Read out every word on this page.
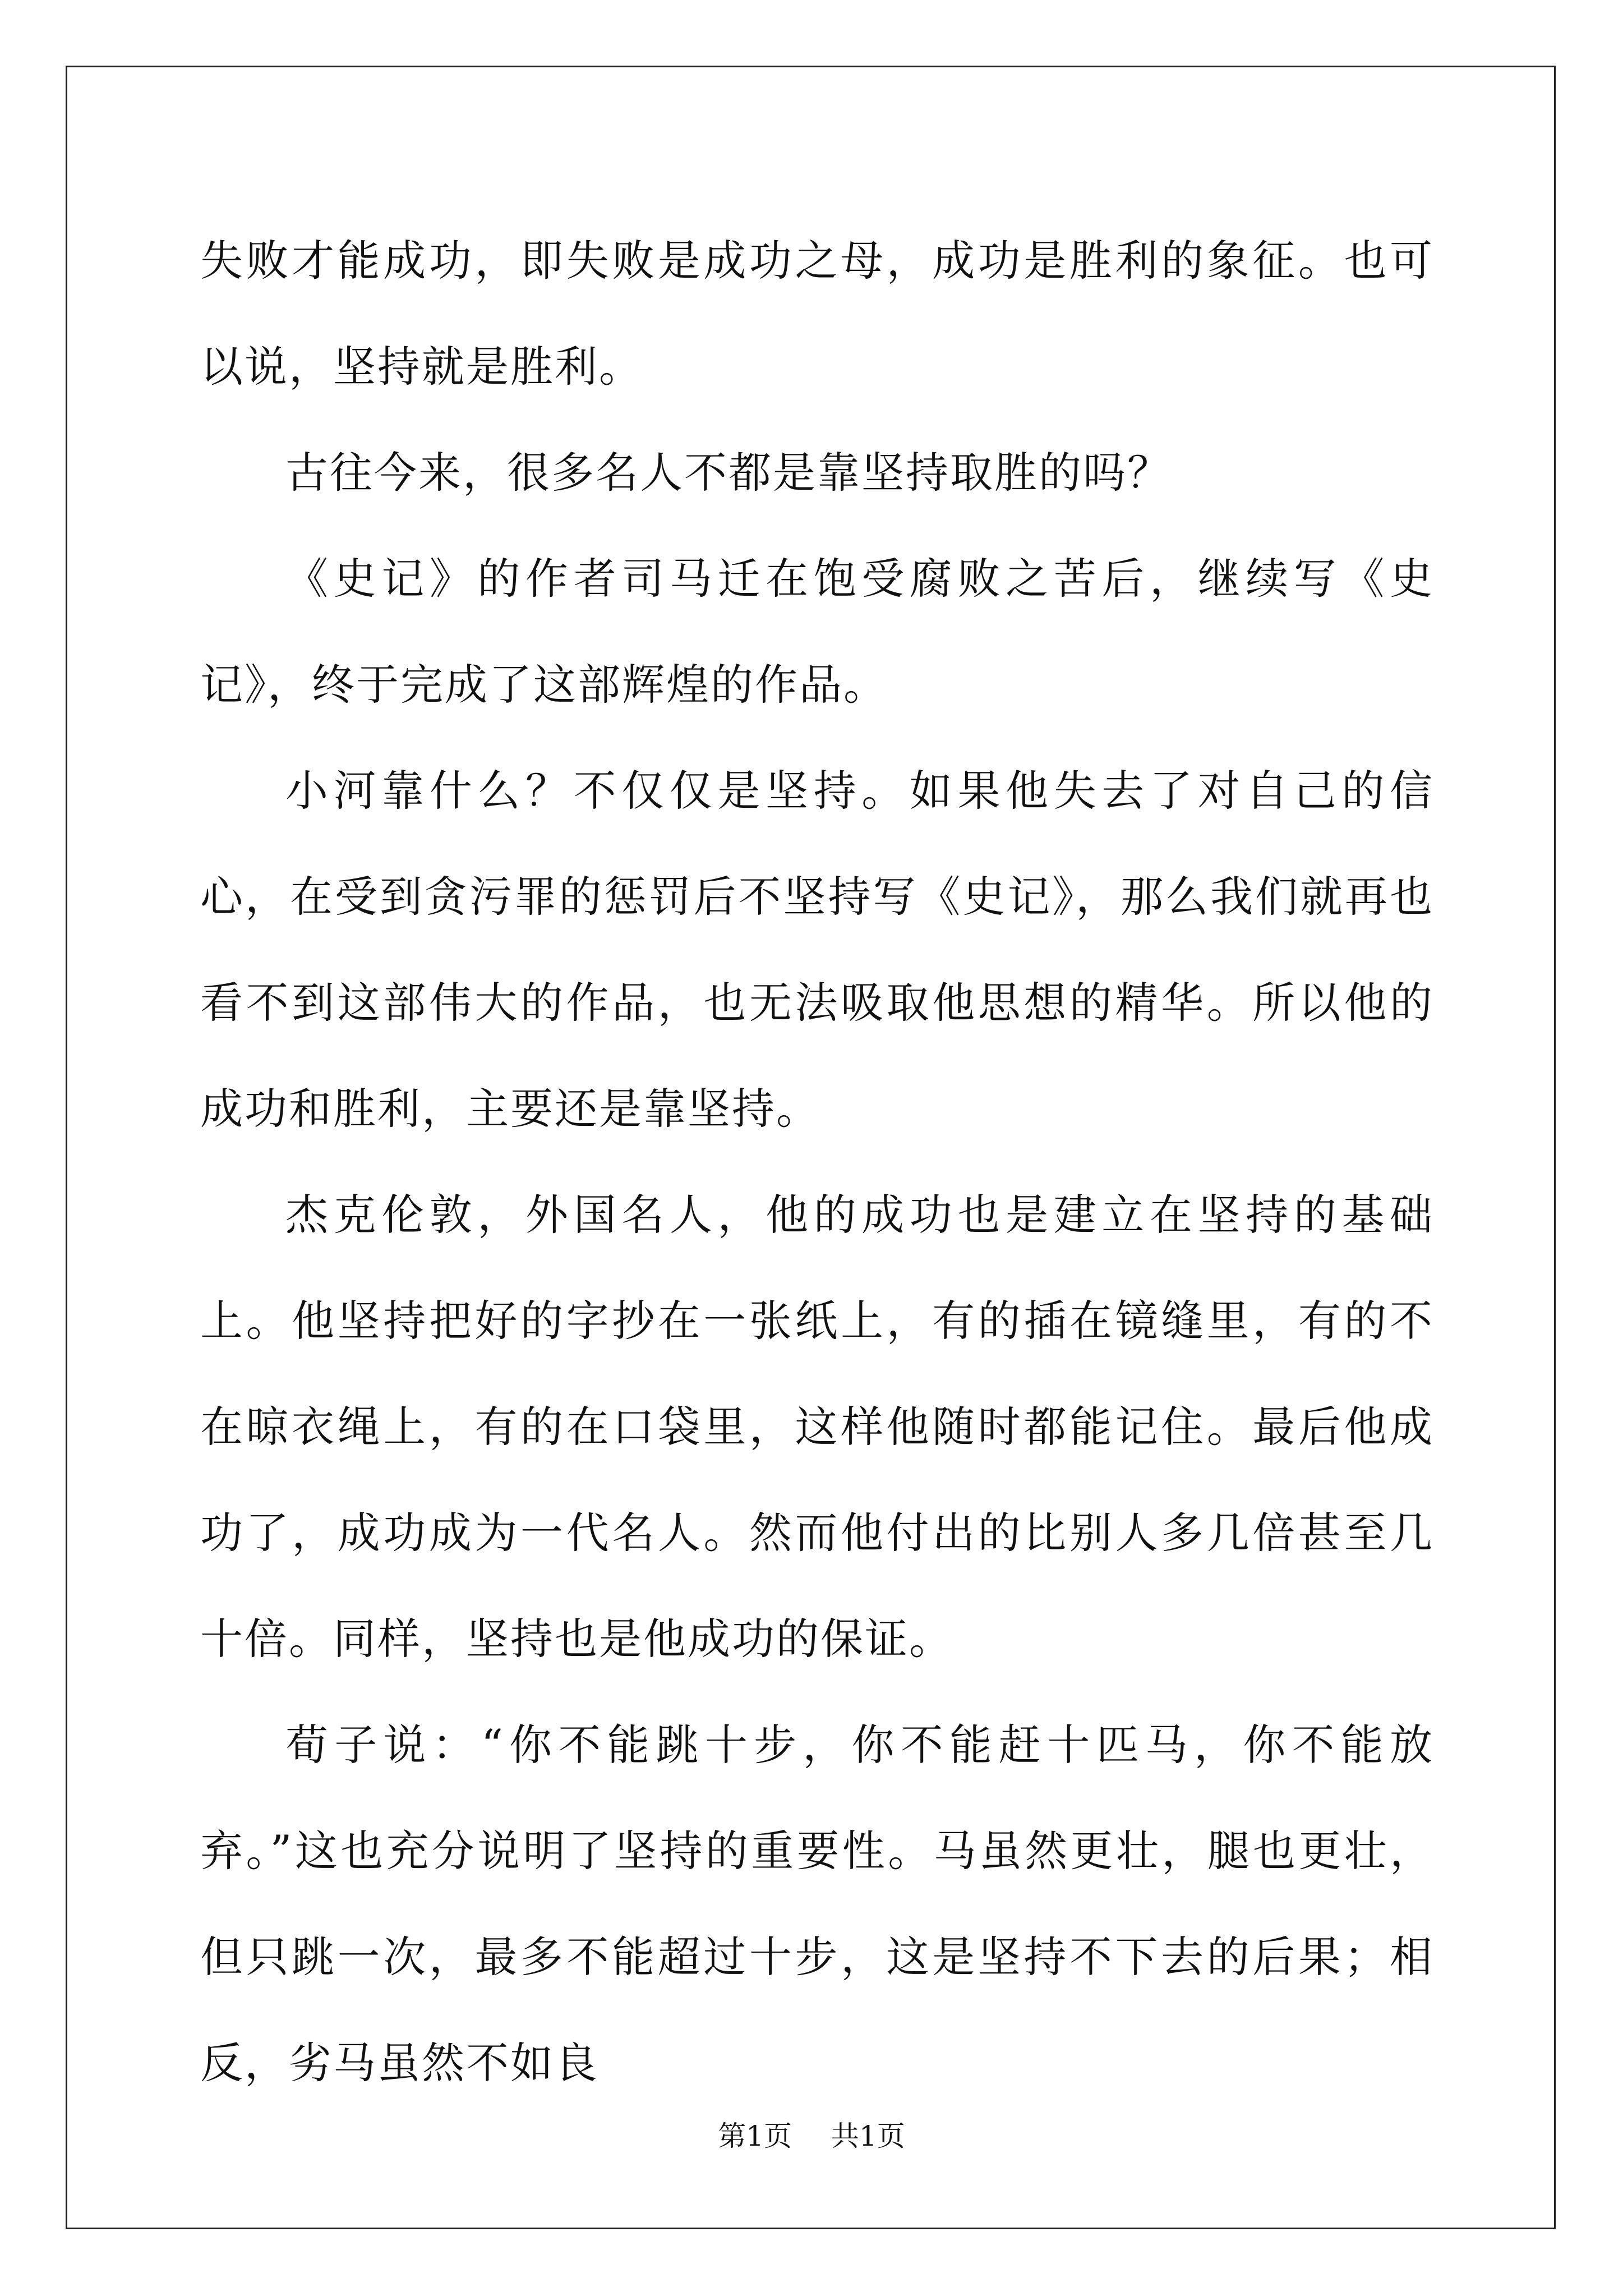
失败才能成功，即失败是成功之母，成功是胜利的象征。也可以说，坚持就是胜利。

古往今来，很多名人不都是靠坚持取胜的吗？

《史记》的作者司马迁在饱受腐败之苦后，继续写《史记》，终于完成了这部辉煌的作品。

小河靠什么？不仅仅是坚持。如果他失去了对自己的信心，在受到贪污罪的惩罚后不坚持写《史记》，那么我们就再也看不到这部伟大的作品，也无法吸取他思想的精华。所以他的成功和胜利，主要还是靠坚持。

杰克伦敦，外国名人，他的成功也是建立在坚持的基础上。他坚持把好的字抄在一张纸上，有的插在镜缝里，有的不在晾衣绳上，有的在口袋里，这样他随时都能记住。最后他成功了，成功成为一代名人。然而他付出的比别人多几倍甚至几十倍。同样，坚持也是他成功的保证。

荀子说：“你不能跳十步，你不能赶十匹马，你不能放弃。”这也充分说明了坚持的重要性。马虽然更壮，腿也更壮，但只跳一次，最多不能超过十步，这是坚持不下去的后果；相反，劣马虽然不如良

第1页 共1页
